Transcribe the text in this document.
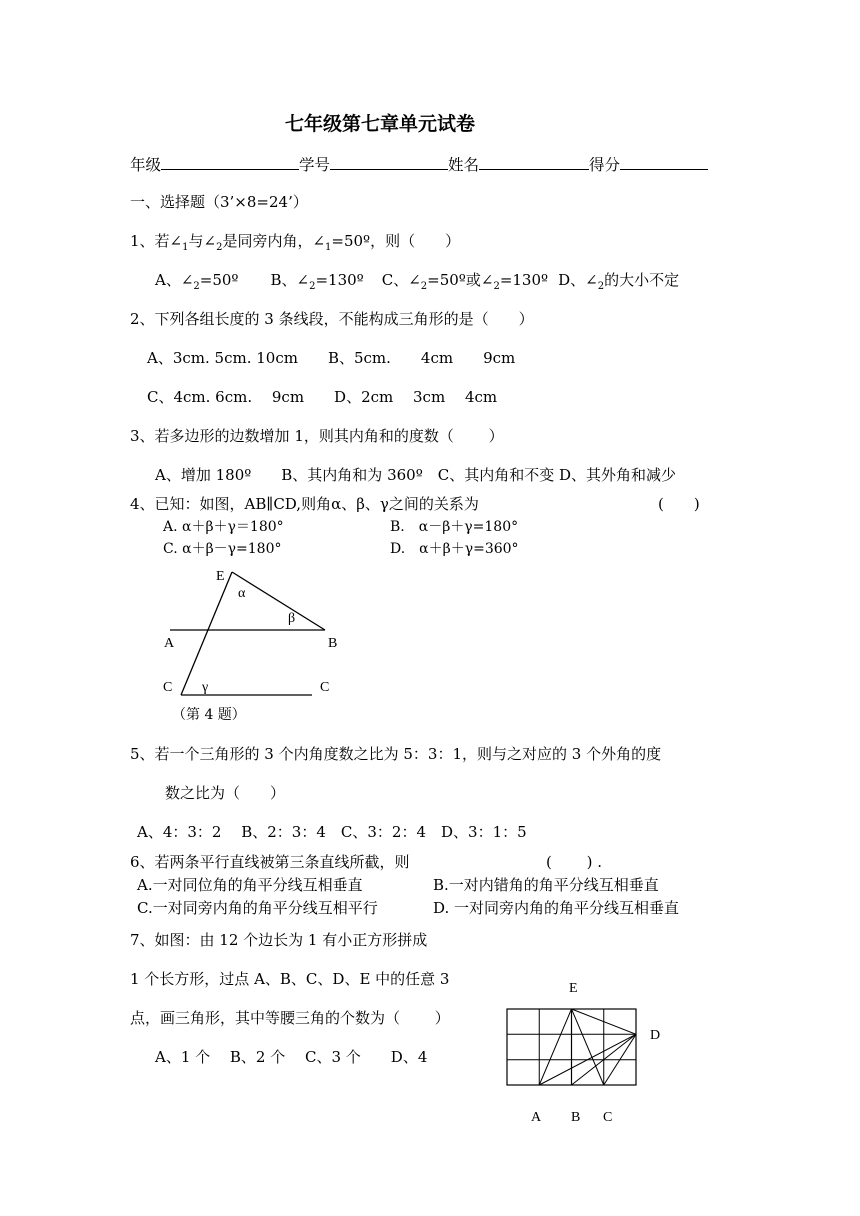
七年级第七章单元试卷
年级	学号	姓名	得分
一、选择题（3’×8=24’）
1、若$\angle_1$与$\angle_2$是同旁内角，$\angle_1=50º$，则（　　）
A、$\angle_2=50º$ B、$\angle_2=130º$ C、$\angle_2=50º$或$\angle_2=130º$ D、$\angle_2$的大小不定
2、下列各组长度的 3 条线段，不能构成三角形的是（　　）
A、3cm. 5cm. 10cm　　B、5cm.　　4cm　　9cm
C、4cm. 6cm.　 9cm　　D、2cm　 3cm　 4cm
3、若多边形的边数增加 1，则其内角和的度数（　　 ）
A、增加 180º　　B、其内角和为 360º　C、其内角和不变 D、其外角和减少
4、已知：如图，AB∥CD,则角α、β、γ之间的关系为	(　　)
A. α＋β＋γ＝180°	B.　α－β＋γ=180°
C. α＋β－γ=180°	D.　α＋β＋γ=360°
E
α
β
A	B
C γ	C
（第 4 题）
5、若一个三角形的 3 个内角度数之比为 5：3：1，则与之对应的 3 个外角的度
数之比为（　　）
A、4：3：2　 B、2：3：4　C、3：2：4　D、3：1：5
6、若两条平行直线被第三条直线所截，则	(　　 ) .
A.一对同位角的角平分线互相垂直	B.一对内错角的角平分线互相垂直
C.一对同旁内角的角平分线互相平行	D. 一对同旁内角的角平分线互相垂直
7、如图：由 12 个边长为 1 有小正方形拼成
1 个长方形，过点 A、B、C、D、E 中的任意 3
点，画三角形，其中等腰三角的个数为（　　 ）
A、1 个　 B、2 个　 C、3 个　　D、4
E
D
A B C
